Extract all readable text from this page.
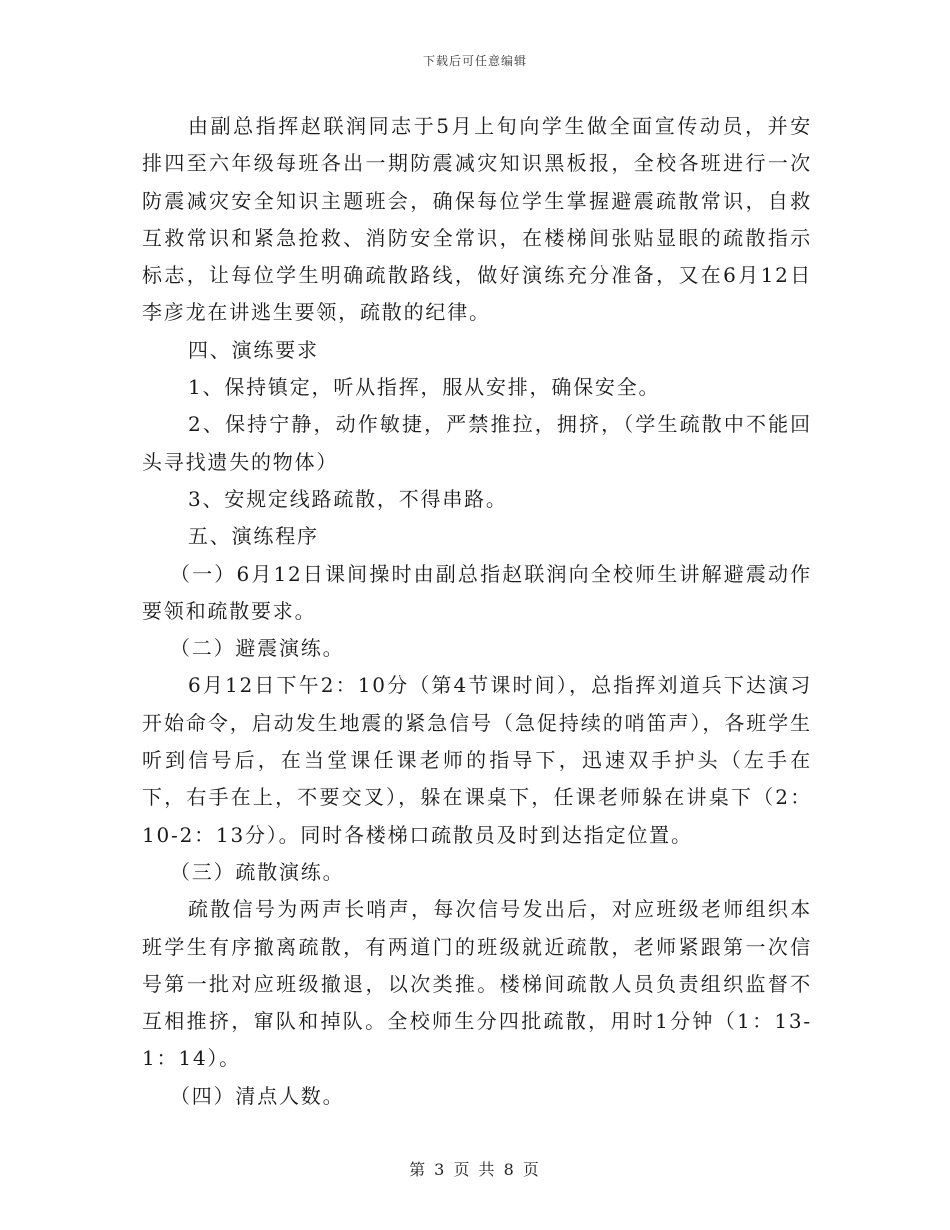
下载后可任意编辑

由副总指挥赵联润同志于5月上旬向学生做全面宣传动员，并安排四至六年级每班各出一期防震减灾知识黑板报，全校各班进行一次防震减灾安全知识主题班会，确保每位学生掌握避震疏散常识，自救互救常识和紧急抢救、消防安全常识，在楼梯间张贴显眼的疏散指示标志，让每位学生明确疏散路线，做好演练充分准备，又在6月12日李彦龙在讲逃生要领，疏散的纪律。

四、演练要求

1、保持镇定，听从指挥，服从安排，确保安全。

2、保持宁静，动作敏捷，严禁推拉，拥挤，（学生疏散中不能回头寻找遗失的物体）

3、安规定线路疏散，不得串路。

五、演练程序

（一）6月12日课间操时由副总指赵联润向全校师生讲解避震动作要领和疏散要求。

（二）避震演练。

6月12日下午2：10分（第4节课时间），总指挥刘道兵下达演习开始命令，启动发生地震的紧急信号（急促持续的哨笛声），各班学生听到信号后，在当堂课任课老师的指导下，迅速双手护头（左手在下，右手在上，不要交叉），躲在课桌下，任课老师躲在讲桌下（2：10-2：13分）。同时各楼梯口疏散员及时到达指定位置。

（三）疏散演练。

疏散信号为两声长哨声，每次信号发出后，对应班级老师组织本班学生有序撤离疏散，有两道门的班级就近疏散，老师紧跟第一次信号第一批对应班级撤退，以次类推。楼梯间疏散人员负责组织监督不互相推挤，窜队和掉队。全校师生分四批疏散，用时1分钟（1：13-1：14）。

（四）清点人数。

第 3 页 共 8 页
